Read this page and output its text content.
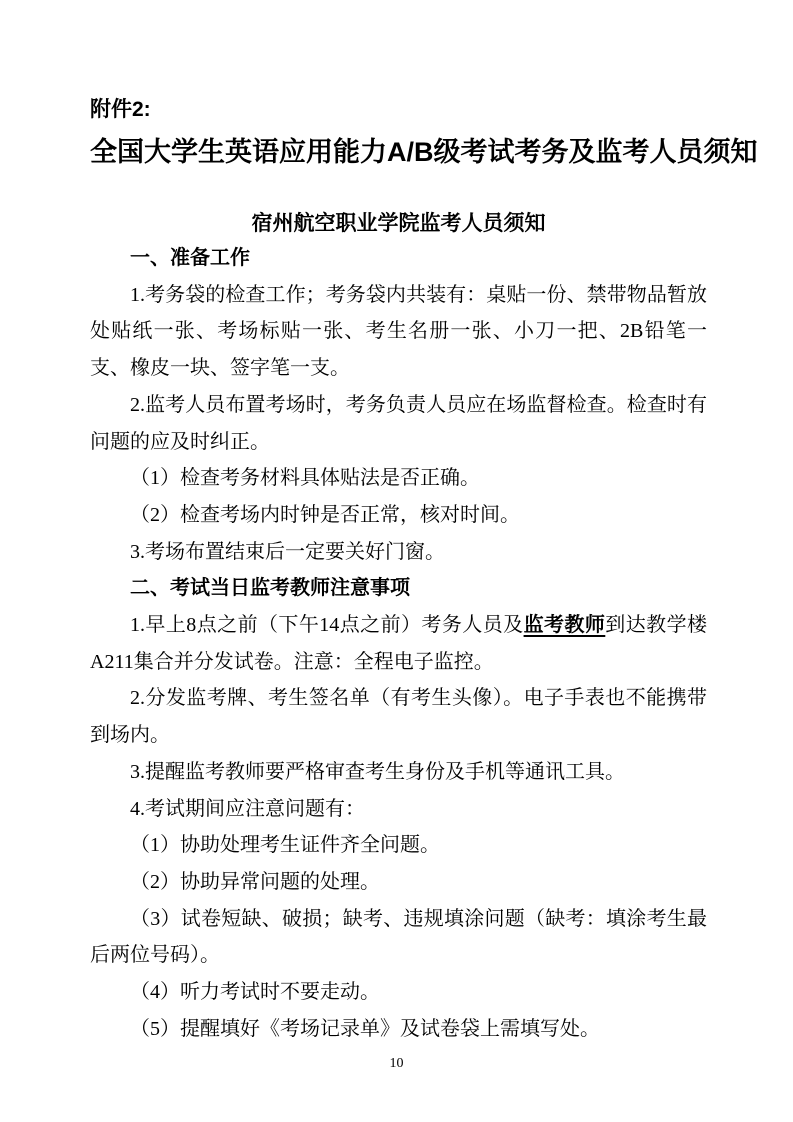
附件2:
全国大学生英语应用能力A/B级考试考务及监考人员须知
宿州航空职业学院监考人员须知

一、准备工作

1.考务袋的检查工作；考务袋内共装有：桌贴一份、禁带物品暂放处贴纸一张、考场标贴一张、考生名册一张、小刀一把、2B铅笔一支、橡皮一块、签字笔一支。

2.监考人员布置考场时，考务负责人员应在场监督检查。检查时有问题的应及时纠正。

（1）检查考务材料具体贴法是否正确。

（2）检查考场内时钟是否正常，核对时间。

3.考场布置结束后一定要关好门窗。

二、考试当日监考教师注意事项

1.早上8点之前（下午14点之前）考务人员及监考教师到达教学楼A211集合并分发试卷。注意：全程电子监控。

2.分发监考牌、考生签名单（有考生头像）。电子手表也不能携带到场内。

3.提醒监考教师要严格审查考生身份及手机等通讯工具。

4.考试期间应注意问题有：

（1）协助处理考生证件齐全问题。

（2）协助异常问题的处理。

（3）试卷短缺、破损；缺考、违规填涂问题（缺考：填涂考生最后两位号码）。

（4）听力考试时不要走动。

（5）提醒填好《考场记录单》及试卷袋上需填写处。

10
